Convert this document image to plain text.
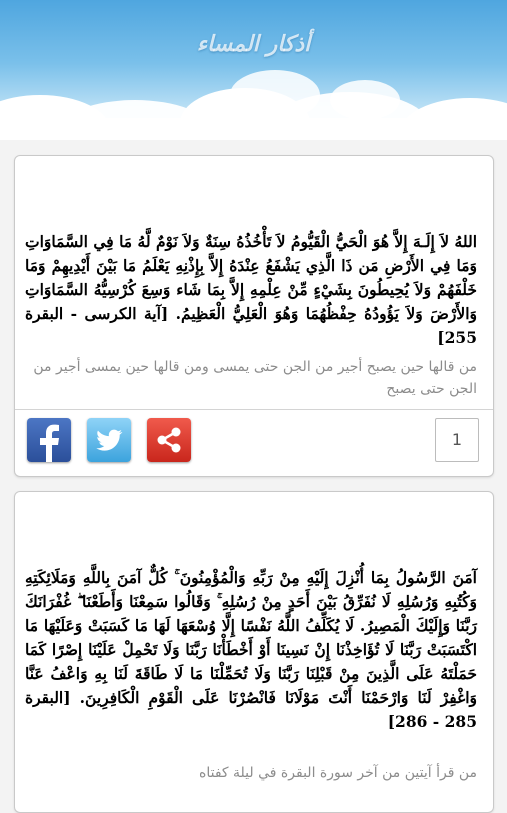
أذكار المساء
اللهُ لاَ إِلَـهَ إِلاَّ هُوَ الْحَيُّ الْقَيُّومُ لاَ تَأْخُذُهُ سِنَةٌ وَلاَ نَوْمٌ لَّهُ مَا فِي السَّمَاوَاتِ وَمَا فِي الأَرْضِ مَن ذَا الَّذِي يَشْفَعُ عِنْدَهُ إِلاَّ بِإِذْنِهِ يَعْلَمُ مَا بَيْنَ أَيْدِيهِمْ وَمَا خَلْفَهُمْ وَلاَ يُحِيطُونَ بِشَيْءٍ مِّنْ عِلْمِهِ إِلاَّ بِمَا شَاء وَسِعَ كُرْسِيُّهُ السَّمَاوَاتِ وَالأَرْضَ وَلاَ يَؤُودُهُ حِفْظُهُمَا وَهُوَ الْعَلِيُّ الْعَظِيمُ. [آية الكرسى - البقرة 255]
من قالها حين يصبح أجير من الجن حتى يمسى ومن قالها حين يمسى أجير من الجن حتى يصبح
1
آمَنَ الرَّسُولُ بِمَا أُنْزِلَ إِلَيْهِ مِنْ رَبِّهِ وَالْمُؤْمِنُونَ ۚ كُلٌّ آمَنَ بِاللَّهِ وَمَلَائِكَتِهِ وَكُتُبِهِ وَرُسُلِهِ لَا نُفَرِّقُ بَيْنَ أَحَدٍ مِنْ رُسُلِهِ ۚ وَقَالُوا سَمِعْنَا وَأَطَعْنَا ۖ غُفْرَانَكَ رَبَّنَا وَإِلَيْكَ الْمَصِيرُ. لَا يُكَلِّفُ اللَّهُ نَفْسًا إِلَّا وُسْعَهَا لَهَا مَا كَسَبَتْ وَعَلَيْهَا مَا اكْتَسَبَتْ رَبَّنَا لَا تُؤَاخِذْنَا إِنْ نَسِينَا أَوْ أَخْطَأْنَا رَبَّنَا وَلَا تَحْمِلْ عَلَيْنَا إِصْرًا كَمَا حَمَلْتَهُ عَلَى الَّذِينَ مِنْ قَبْلِنَا رَبَّنَا وَلَا تُحَمِّلْنَا مَا لَا طَاقَةَ لَنَا بِهِ وَاعْفُ عَنَّا وَاغْفِرْ لَنَا وَارْحَمْنَا أَنْتَ مَوْلَانَا فَانْصُرْنَا عَلَى الْقَوْمِ الْكَافِرِينَ. [البقرة 285 - 286]
من قرأ آيتين من آخر سورة البقرة في ليلة كفتاه
